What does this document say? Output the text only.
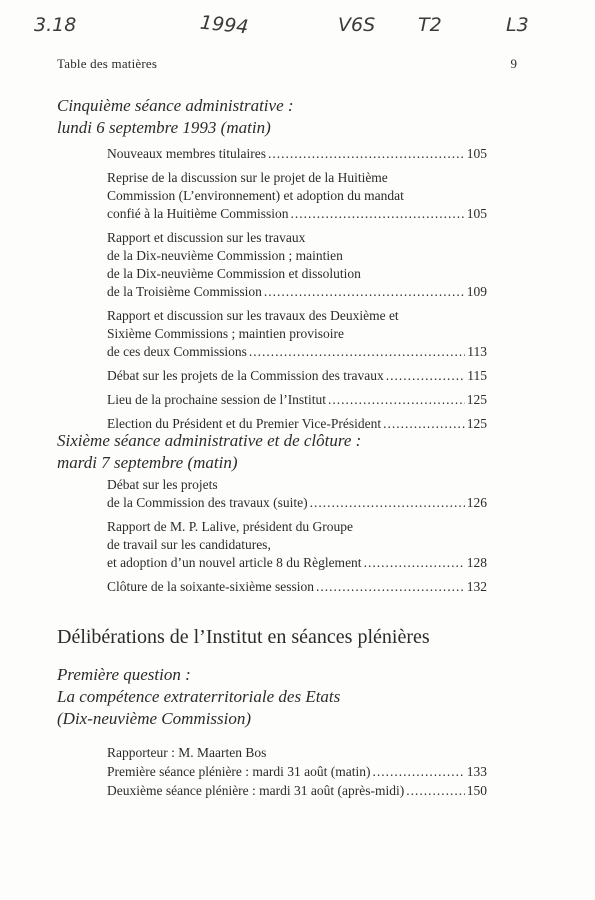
3.18	1994	V6S T2	L3
Table des matières	9
Cinquième séance administrative :
lundi 6 septembre 1993 (matin)
Nouveaux membres titulaires .....	105
Reprise de la discussion sur le projet de la Huitième
Commission (L’environnement) et adoption du mandat
confié à la Huitième Commission .....	105
Rapport et discussion sur les travaux
de la Dix-neuvième Commission ; maintien
de la Dix-neuvième Commission et dissolution
de la Troisième Commission .....	109
Rapport et discussion sur les travaux des Deuxième et
Sixième Commissions ; maintien provisoire
de ces deux Commissions .....	113
Débat sur les projets de la Commission des travaux .....	115
Lieu de la prochaine session de l’Institut .....	125
Election du Président et du Premier Vice-Président .....	125
Sixième séance administrative et de clôture :
mardi 7 septembre (matin)
Débat sur les projets
de la Commission des travaux (suite) .....	126
Rapport de M. P. Lalive, président du Groupe
de travail sur les candidatures,
et adoption d’un nouvel article 8 du Règlement .....	128
Clôture de la soixante-sixième session .....	132
Délibérations de l’Institut en séances plénières
Première question :
La compétence extraterritoriale des Etats
(Dix-neuvième Commission)
Rapporteur : M. Maarten Bos
Première séance plénière : mardi 31 août (matin) .....	133
Deuxième séance plénière : mardi 31 août (après-midi) .....	150
